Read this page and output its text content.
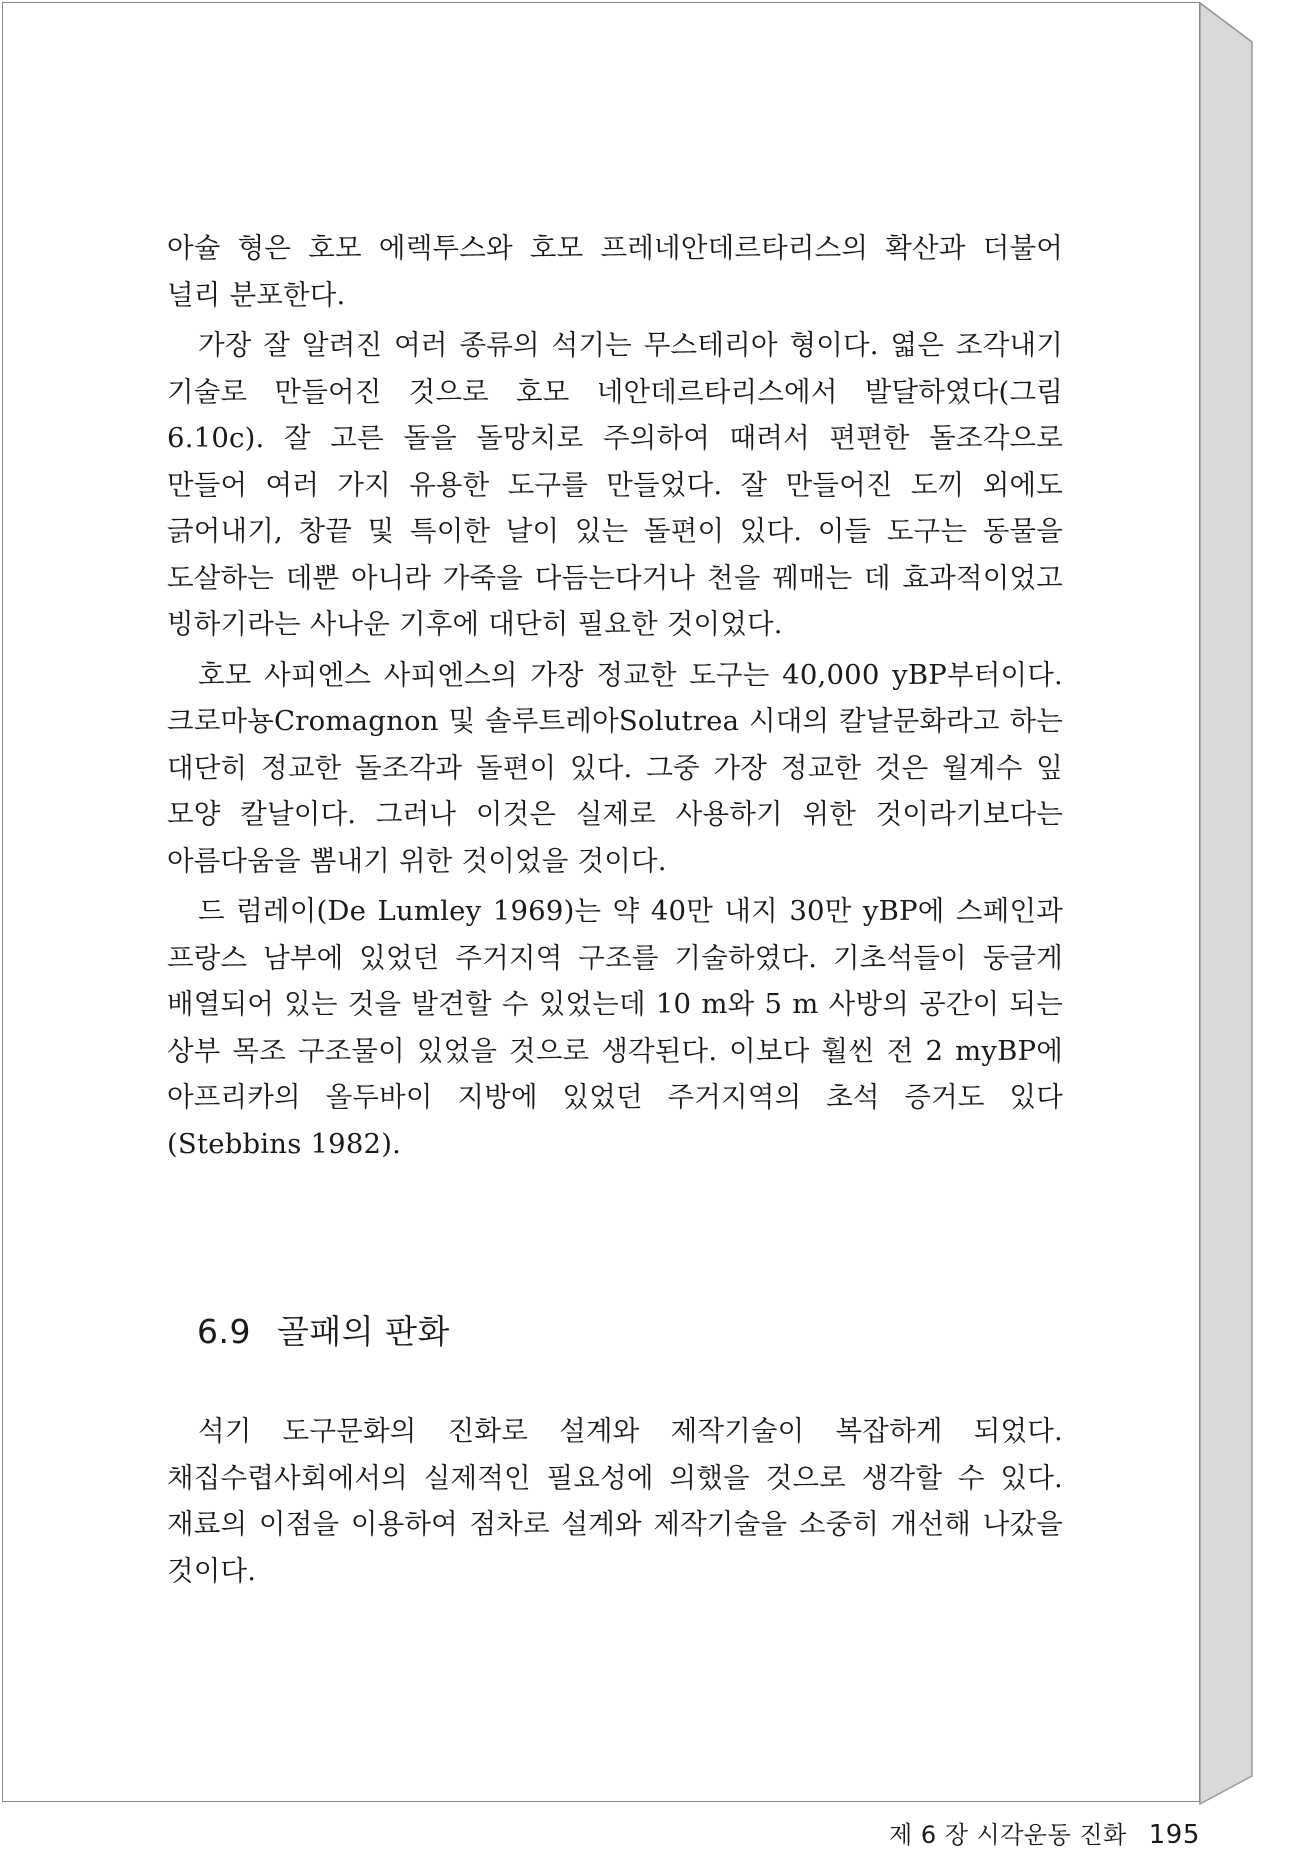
아슐 형은 호모 에렉투스와 호모 프레네안데르타리스의 확산과 더불어 널리 분포한다.

가장 잘 알려진 여러 종류의 석기는 무스테리아 형이다. 엷은 조각내기 기술로 만들어진 것으로 호모 네안데르타리스에서 발달하였다(그림 6.10c). 잘 고른 돌을 돌망치로 주의하여 때려서 편편한 돌조각으로 만들어 여러 가지 유용한 도구를 만들었다. 잘 만들어진 도끼 외에도 긁어내기, 창끝 및 특이한 날이 있는 돌편이 있다. 이들 도구는 동물을 도살하는 데뿐 아니라 가죽을 다듬는다거나 천을 꿰매는 데 효과적이었고 빙하기라는 사나운 기후에 대단히 필요한 것이었다.

호모 사피엔스 사피엔스의 가장 정교한 도구는 40,000 yBP부터이다. 크로마뇽Cromagnon 및 솔루트레아Solutrea 시대의 칼날문화라고 하는 대단히 정교한 돌조각과 돌편이 있다. 그중 가장 정교한 것은 월계수 잎 모양 칼날이다. 그러나 이것은 실제로 사용하기 위한 것이라기보다는 아름다움을 뽐내기 위한 것이었을 것이다.

드 럼레이(De Lumley 1969)는 약 40만 내지 30만 yBP에 스페인과 프랑스 남부에 있었던 주거지역 구조를 기술하였다. 기초석들이 둥글게 배열되어 있는 것을 발견할 수 있었는데 10 m와 5 m 사방의 공간이 되는 상부 목조 구조물이 있었을 것으로 생각된다. 이보다 훨씬 전 2 myBP에 아프리카의 올두바이 지방에 있었던 주거지역의 초석 증거도 있다(Stebbins 1982).

6.9 골패의 판화

석기 도구문화의 진화로 설계와 제작기술이 복잡하게 되었다. 채집수렵사회에서의 실제적인 필요성에 의했을 것으로 생각할 수 있다. 재료의 이점을 이용하여 점차로 설계와 제작기술을 소중히 개선해 나갔을 것이다.

제 6 장 시각운동 진화 195
